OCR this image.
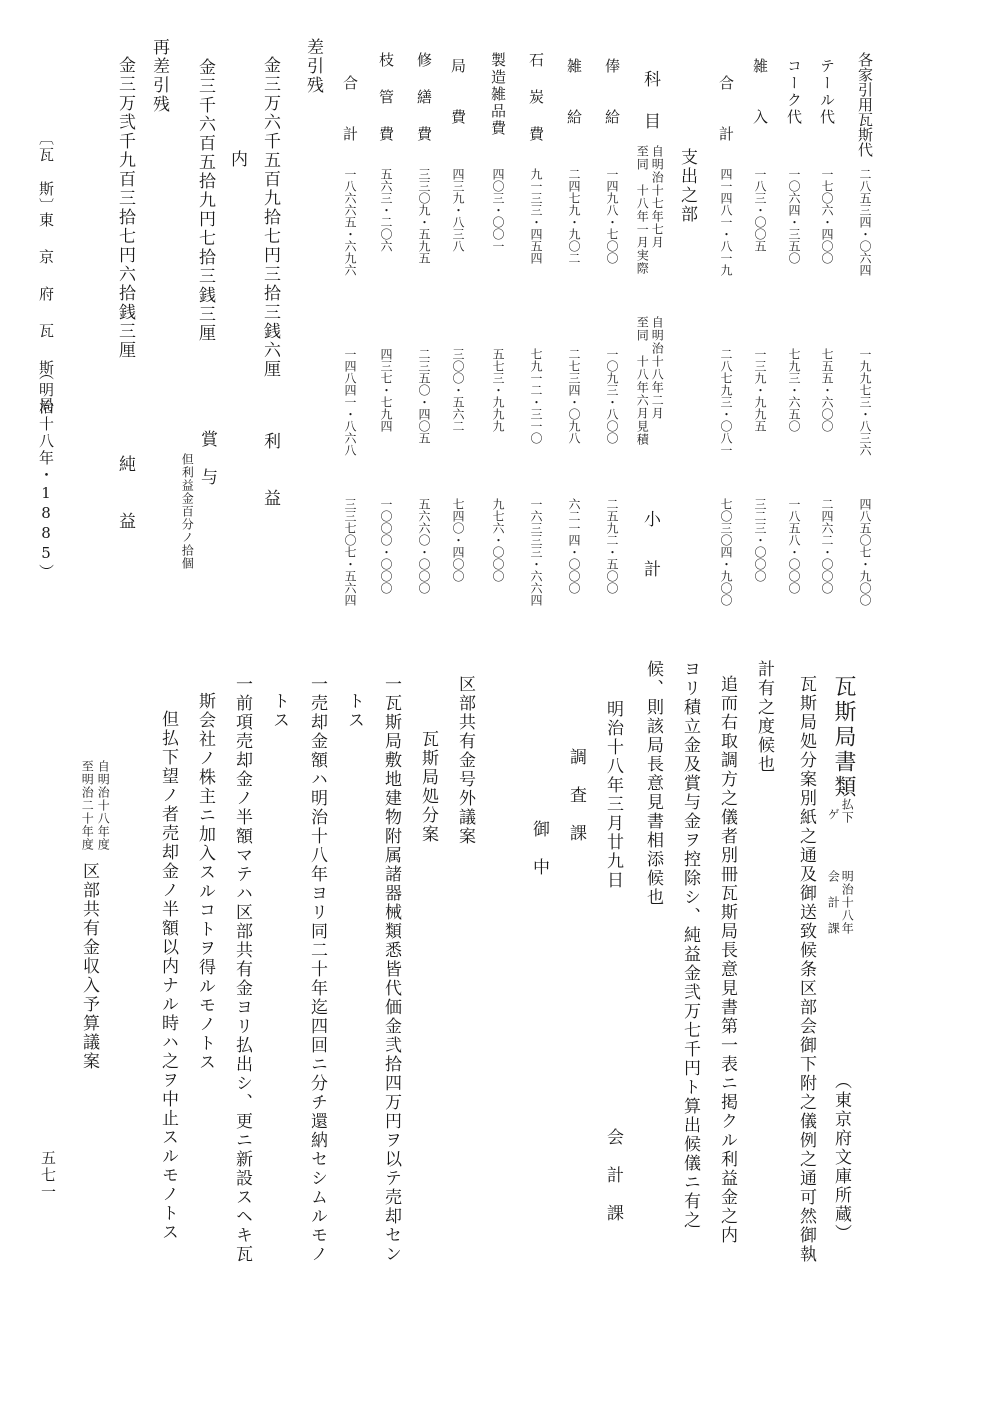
科
目
自明治十七年七月
至同　十八年一月実際
自明治十八年二月
至同　十八年六月見積
小
計
支出之部
差引残
金三万六千五百九拾七円三拾三銭六厘
利　　益
内
金三千六百五拾九円七拾三銭三厘
賞　与
但利益金百分ノ拾個
再差引残
金三万弐千九百三拾七円六拾銭三厘
純　　益
〔瓦　斯〕
東 京 府 瓦 斯 局
（明治十八年・1885）
瓦斯局書類
払下
ゲ
明治十八年
会　計　課
（東京府文庫所蔵）
瓦斯局処分案別紙之通及御送致候条区部会御下附之儀例之通可然御執
計有之度候也
追而右取調方之儀者別冊瓦斯局長意見書第一表ニ掲クル利益金之内
ヨリ積立金及賞与金ヲ控除シ、純益金弐万七千円ト算出候儀ニ有之
候、則該局長意見書相添候也
明治十八年三月廿九日
会　計　課
調　査　課
御　中
区部共有金号外議案
瓦斯局処分案
一瓦斯局敷地建物附属諸器械類悉皆代価金弐拾四万円ヲ以テ売却セン
トス
一売却金額ハ明治十八年ヨリ同二十年迄四回ニ分チ還納セシムルモノ
トス
一前項売却金ノ半額マテハ区部共有金ヨリ払出シ、更ニ新設スヘキ瓦
斯会社ノ株主ニ加入スルコトヲ得ルモノトス
但払下望ノ者売却金ノ半額以内ナル時ハ之ヲ中止スルモノトス
自明治十八年度
至明治二十年度
区部共有金収入予算議案
五七一
各家引用瓦斯代
二八五三四・〇六四
一九九七三・八三六
四八五〇七・九〇〇
テール代
一七〇六・四〇〇
七五五・六〇〇
二四六二・〇〇〇
コーク代
一〇六四・三五〇
七九三・六五〇
一八五八・〇〇〇
雑　　入
一八三・〇〇五
一三九・九九五
三二三・〇〇〇
合　　計
四一四八一・八一九
二八七九三・〇八一
七〇三〇四・九〇〇
俸　　給
一四九八・七〇〇
一〇九三・八〇〇
二五九二・五〇〇
雑　　給
二四七九・九〇二
二七三四・〇九八
六二一四・〇〇〇
石 炭 費
九一三三・四五四
七九一二・三一〇
一六三三三・六六四
製造雑品費
四〇三・〇〇一
五七三・九九九
九七六・〇〇〇
局　　費
四三九・八三八
三〇〇・五六二
七四〇・四〇〇
修 繕 費
三三〇九・五九五
二三五〇・四〇五
五六六〇・〇〇〇
枝 管 費
五六三・二〇六
四三七・七九四
一〇〇〇・〇〇〇
合　　計
一八六六五・六九六
一四八四一・八六八
三三七〇七・五六四
